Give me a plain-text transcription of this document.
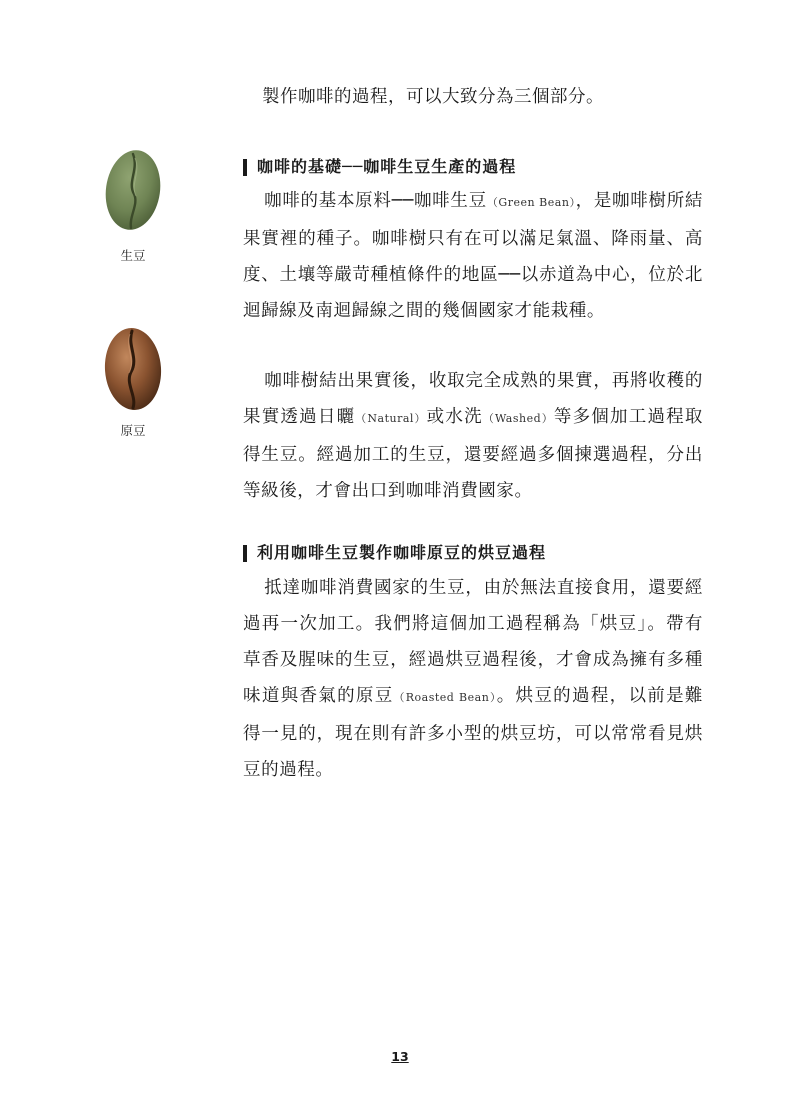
製作咖啡的過程，可以大致分為三個部分。
咖啡的基礎──咖啡生豆生產的過程

咖啡的基本原料──咖啡生豆（Green Bean），是咖啡樹所結果實裡的種子。咖啡樹只有在可以滿足氣溫、降雨量、高度、土壤等嚴苛種植條件的地區──以赤道為中心，位於北迴歸線及南迴歸線之間的幾個國家才能栽種。

咖啡樹結出果實後，收取完全成熟的果實，再將收穫的果實透過日曬（Natural）或水洗（Washed）等多個加工過程取得生豆。經過加工的生豆，還要經過多個揀選過程，分出等級後，才會出口到咖啡消費國家。

利用咖啡生豆製作咖啡原豆的烘豆過程

抵達咖啡消費國家的生豆，由於無法直接食用，還要經過再一次加工。我們將這個加工過程稱為「烘豆」。帶有草香及腥味的生豆，經過烘豆過程後，才會成為擁有多種味道與香氣的原豆（Roasted Bean）。烘豆的過程，以前是難得一見的，現在則有許多小型的烘豆坊，可以常常看見烘豆的過程。

生豆
原豆
13
